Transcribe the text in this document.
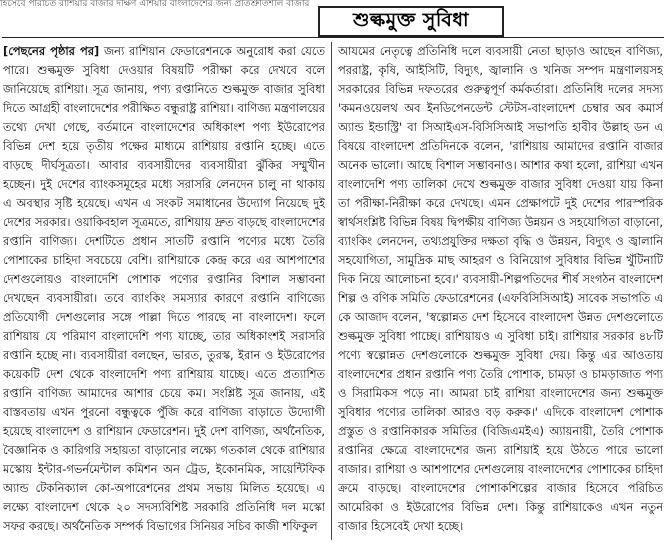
হিসেবে পরিচিত রাশিয়ার বাজার দক্ষিণ এশিয়ার বাংলাদেশের জন্য প্রতিশ্রুতিশীল বাজার
শুল্কমুক্ত সুবিধা
[পেছনের পৃষ্ঠার পর] জন্য রাশিয়ান ফেডারেশনকে অনুরোধ করা যেতে পারে। শুল্কমুক্ত সুবিধা দেওয়ার বিষয়টি পরীক্ষা করে দেখবে বলে জানিয়েছে রাশিয়া। সূত্র জানায়, পণ্য রপ্তানিতে শুল্কমুক্ত বাজার সুবিধা দিতে আগ্রহী বাংলাদেশের পরীক্ষিত বন্ধুরাষ্ট্র রাশিয়া। বাণিজ্য মন্ত্রণালয়ের তথ্যে দেখা গেছে, বর্তমানে বাংলাদেশের অধিকাংশ পণ্য ইউরোপের বিভিন্ন দেশ হয়ে তৃতীয় পক্ষের মাধ্যমে রাশিয়ায় রপ্তানি হচ্ছে। এতে বাড়ছে দীর্ঘসূত্রতা। আবার ব্যবসায়ীদের ব্যবসায়ীরা ঝুঁকির সম্মুখীন হচ্ছেন। দুই দেশের ব্যাংকসমূহের মধ্যে সরাসরি লেনদেন চালু না থাকায় এ অবস্থার সৃষ্টি হয়েছে। এখন এ সংকট সমাধানের উদ্যোগ নিয়েছে দুই দেশের সরকার। ওয়াকিবহাল সূত্রমতে, রাশিয়ায় দ্রুত বাড়ছে বাংলাদেশের রপ্তানি বাণিজ্য। দেশটিতে প্রধান সাতটি রপ্তানি পণ্যের মধ্যে তৈরি পোশাকের চাহিদা সবচেয়ে বেশি। রাশিয়াকে কেন্দ্র করে এর আশপাশের দেশগুলোয়ও বাংলাদেশি পোশাক পণ্যের রপ্তানির বিশাল সম্ভাবনা দেখছেন ব্যবসায়ীরা। তবে ব্যাংকিং সমস্যার কারণে রপ্তানি বাণিজ্যে প্রতিযোগী দেশগুলোর সঙ্গে পাল্লা দিতে পারছে না বাংলাদেশ। ফলে রাশিয়ায় যে পরিমাণ বাংলাদেশি পণ্য যাচ্ছে, তার অধিকাংশই সরাসরি রপ্তানি হচ্ছে না। ব্যবসায়ীরা বলছেন, ভারত, তুরস্ক, ইরান ও ইউরোপের কয়েকটি দেশ থেকে বাংলাদেশি পণ্য রাশিয়ায় যাচ্ছে। এতে প্রত্যাশিত রপ্তানি বাণিজ্য আমাদের আশার চেয়ে কম। সংশ্লিষ্ট সূত্র জানায়, এই বাস্তবতায় এখন পুরনো বন্ধুত্বকে পুঁজি করে বাণিজ্য বাড়াতে উদ্যোগী হয়েছে বাংলাদেশ ও রাশিয়ান ফেডারেশন। দুই দেশ বাণিজ্য, অর্থনৈতিক, বৈজ্ঞানিক ও কারিগরি সহায়তা বাড়ানোর লক্ষ্যে গতকাল থেকে রাশিয়ার মস্কোয় ইন্টার-গভর্নমেন্টাল কমিশন অন ট্রেড, ইকোনমিক, সায়েন্টিফিক অ্যান্ড টেকনিক্যাল কো-অপারেশনের প্রথম সভায় মিলিত হয়েছে। এ লক্ষ্যে বাংলাদেশ থেকে ২০ সদস্যবিশিষ্ট সরকারি প্রতিনিধি দল মস্কো সফর করছে। অর্থনৈতিক সম্পর্ক বিভাগের সিনিয়র সচিব কাজী শফিকুল
আযমের নেতৃত্বে প্রতিনিধি দলে ব্যবসায়ী নেতা ছাড়াও আছেন বাণিজ্য, পররাষ্ট্র, কৃষি, আইসিটি, বিদ্যুৎ, জ্বালানি ও খনিজ সম্পদ মন্ত্রণালয়সহ সরকারের বিভিন্ন দফতরের গুরুত্বপূর্ণ কর্মকর্তারা। প্রতিনিধি দলের সদস্য 'কমনওয়েলথ অব ইনডিপেনডেন্ট স্টেটস-বাংলাদেশ চেম্বার অব কমার্স অ্যান্ড ইন্ডাস্ট্রি' বা সিআইএস-বিসিসিআই সভাপতি হাবীব উল্লাহ ডন এ বিষয়ে বাংলাদেশ প্রতিদিনকে বলেন, 'রাশিয়ায় আমাদের রপ্তানি বাজার অনেক ভালো। আছে বিশাল সম্ভাবনাও। আশার কথা হলো, রাশিয়া এখন বাংলাদেশি পণ্য তালিকা দেখে শুল্কমুক্ত বাজার সুবিধা দেওয়া যায় কিনা তা পরীক্ষা-নিরীক্ষা করে দেখছে। এমন প্রেক্ষাপটে দুই দেশের পারস্পরিক স্বার্থসংশ্লিষ্ট বিভিন্ন বিষয় দ্বিপক্ষীয় বাণিজ্য উন্নয়ন ও সহযোগিতা বাড়ানো, ব্যাংকিং লেনদেন, তথ্যপ্রযুক্তির দক্ষতা বৃদ্ধি ও উন্নয়ন, বিদ্যুৎ ও জ্বালানি সহযোগিতা, সামুদ্রিক মাছ আহরণ ও বিনিয়োগ সুবিধার বিভিন্ন খুঁটিনাটি দিক নিয়ে আলোচনা হবে।' ব্যবসায়ী-শিল্পপতিদের শীর্ষ সংগঠন বাংলাদেশ শিল্প ও বণিক সমিতি ফেডারেশনের (এফবিসিসিআই) সাবেক সভাপতি এ কে আজাদ বলেন, 'স্বল্পোন্নত দেশ হিসেবে বাংলাদেশ উন্নত দেশগুলোতে শুল্কমুক্ত সুবিধা পাচ্ছে। রাশিয়ায়ও এ সুবিধা চাই। রাশিয়ার সরকার ৪৮টি পণ্যে স্বল্পোন্নত দেশগুলোকে শুল্কমুক্ত সুবিধা দেয়। কিন্তু এর আওতায় বাংলাদেশের প্রধান রপ্তানি পণ্য তৈরি পোশাক, চামড়া ও চামড়াজাত পণ্য ও সিরামিকস পড়ে না। আমরা চাই রাশিয়া বাংলাদেশের জন্য শুল্কমুক্ত সুবিধার পণ্যের তালিকা আরও বড় করুক।' এদিকে বাংলাদেশ পোশাক প্রস্তুত ও রপ্তানিকারক সমিতির (বিজিএমইএ) অ্যায়নায়ী, তৈরি পোশাক রপ্তানির ক্ষেত্রে বাংলাদেশের জন্য রাশিয়াই হয়ে উঠতে পারে ভালো বাজার। রাশিয়া ও আশপাশের দেশগুলোয় বাংলাদেশের পোশাকের চাহিদা ক্রমে বাড়ছে। বাংলাদেশের পোশাকশিল্পের বাজার হিসেবে পরিচিত আমেরিকা ও ইউরোপের বিভিন্ন দেশ। কিন্তু রাশিয়াকেও এখন নতুন বাজার হিসেবেই দেখা হচ্ছে।
